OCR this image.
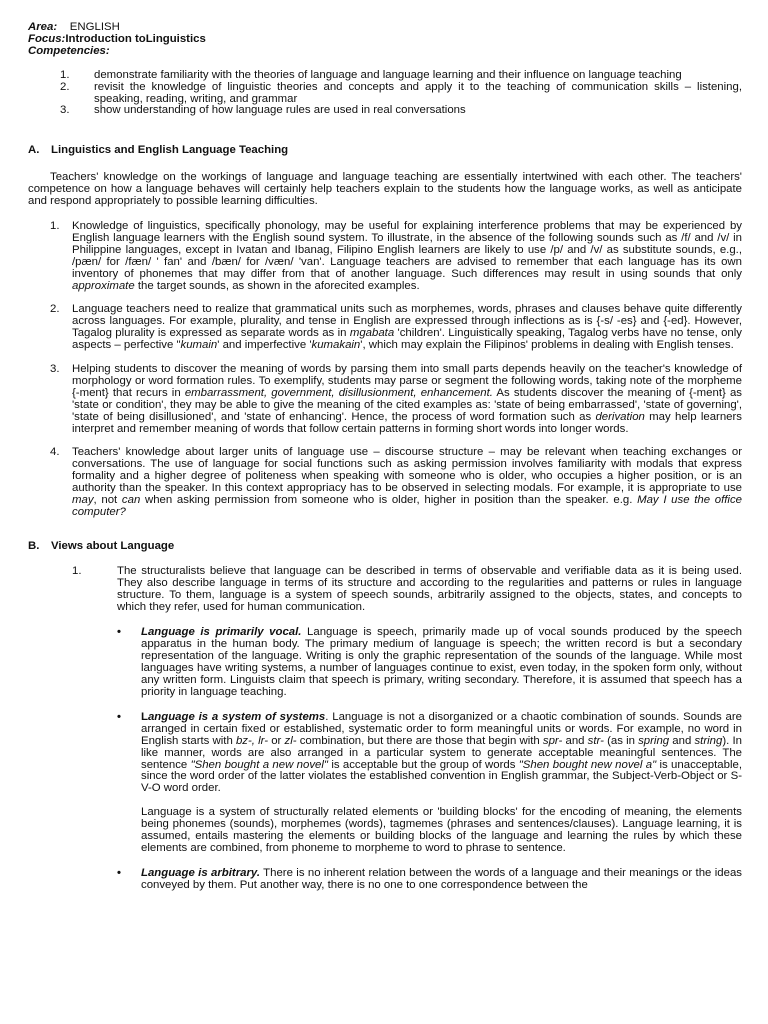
Area: ENGLISH
Focus:Introduction toLinguistics
Competencies:
1. demonstrate familiarity with the theories of language and language learning and their influence on language teaching
2. revisit the knowledge of linguistic theories and concepts and apply it to the teaching of communication skills – listening, speaking, reading, writing, and grammar
3. show understanding of how language rules are used in real conversations
A. Linguistics and English Language Teaching
Teachers' knowledge on the workings of language and language teaching are essentially intertwined with each other. The teachers' competence on how a language behaves will certainly help teachers explain to the students how the language works, as well as anticipate and respond appropriately to possible learning difficulties.
1. Knowledge of linguistics, specifically phonology, may be useful for explaining interference problems that may be experienced by English language learners with the English sound system. To illustrate, in the absence of the following sounds such as /f/ and /v/ in Philippine languages, except in Ivatan and Ibanag, Filipino English learners are likely to use /p/ and /v/ as substitute sounds, e.g., /pæn/ for /fæn/ ' fan' and /bæn/ for /væn/ 'van'. Language teachers are advised to remember that each language has its own inventory of phonemes that may differ from that of another language. Such differences may result in using sounds that only approximate the target sounds, as shown in the aforecited examples.
2. Language teachers need to realize that grammatical units such as morphemes, words, phrases and clauses behave quite differently across languages. For example, plurality, and tense in English are expressed through inflections as is {-s/ -es} and {-ed}. However, Tagalog plurality is expressed as separate words as in mgabata 'children'. Linguistically speaking, Tagalog verbs have no tense, only aspects – perfective "kumain' and imperfective 'kumakain', which may explain the Filipinos' problems in dealing with English tenses.
3. Helping students to discover the meaning of words by parsing them into small parts depends heavily on the teacher's knowledge of morphology or word formation rules. To exemplify, students may parse or segment the following words, taking note of the morpheme {-ment} that recurs in embarrassment, government, disillusionment, enhancement. As students discover the meaning of {-ment} as 'state or condition', they may be able to give the meaning of the cited examples as: 'state of being embarrassed', 'state of governing', 'state of being disillusioned', and 'state of enhancing'. Hence, the process of word formation such as derivation may help learners interpret and remember meaning of words that follow certain patterns in forming short words into longer words.
4. Teachers' knowledge about larger units of language use – discourse structure – may be relevant when teaching exchanges or conversations. The use of language for social functions such as asking permission involves familiarity with modals that express formality and a higher degree of politeness when speaking with someone who is older, who occupies a higher position, or is an authority than the speaker. In this context appropriacy has to be observed in selecting modals. For example, it is appropriate to use may, not can when asking permission from someone who is older, higher in position than the speaker. e.g. May I use the office computer?
B. Views about Language
1.	The structuralists believe that language can be described in terms of observable and verifiable data as it is being used. They also describe language in terms of its structure and according to the regularities and patterns or rules in language structure. To them, language is a system of speech sounds, arbitrarily assigned to the objects, states, and concepts to which they refer, used for human communication.
• Language is primarily vocal. Language is speech, primarily made up of vocal sounds produced by the speech apparatus in the human body. The primary medium of language is speech; the written record is but a secondary representation of the language. Writing is only the graphic representation of the sounds of the language. While most languages have writing systems, a number of languages continue to exist, even today, in the spoken form only, without any written form. Linguists claim that speech is primary, writing secondary. Therefore, it is assumed that speech has a priority in language teaching.
• Language is a system of systems. Language is not a disorganized or a chaotic combination of sounds. Sounds are arranged in certain fixed or established, systematic order to form meaningful units or words. For example, no word in English starts with bz-, lr- or zl- combination, but there are those that begin with spr- and str- (as in spring and string). In like manner, words are also arranged in a particular system to generate acceptable meaningful sentences. The sentence "Shen bought a new novel" is acceptable but the group of words "Shen bought new novel a" is unacceptable, since the word order of the latter violates the established convention in English grammar, the Subject-Verb-Object or S-V-O word order.
Language is a system of structurally related elements or 'building blocks' for the encoding of meaning, the elements being phonemes (sounds), morphemes (words), tagmemes (phrases and sentences/clauses). Language learning, it is assumed, entails mastering the elements or building blocks of the language and learning the rules by which these elements are combined, from phoneme to morpheme to word to phrase to sentence.
• Language is arbitrary. There is no inherent relation between the words of a language and their meanings or the ideas conveyed by them. Put another way, there is no one to one correspondence between the
